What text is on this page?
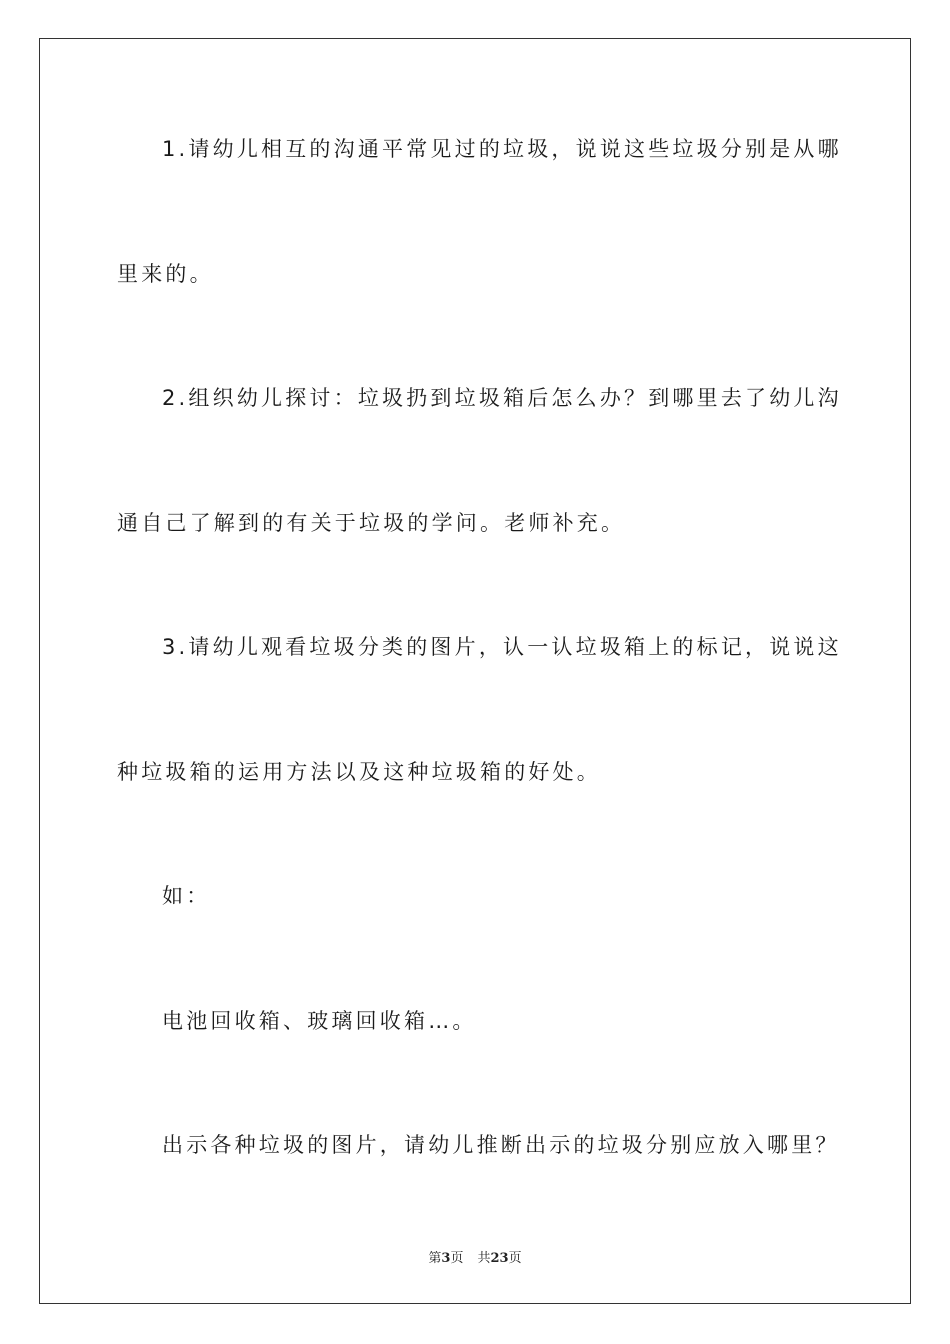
1.请幼儿相互的沟通平常见过的垃圾，说说这些垃圾分别是从哪
里来的。
2.组织幼儿探讨：垃圾扔到垃圾箱后怎么办？到哪里去了幼儿沟
通自己了解到的有关于垃圾的学问。老师补充。
3.请幼儿观看垃圾分类的图片，认一认垃圾箱上的标记，说说这
种垃圾箱的运用方法以及这种垃圾箱的好处。
如：
电池回收箱、玻璃回收箱…。
出示各种垃圾的图片，请幼儿推断出示的垃圾分别应放入哪里？
第3页 共23页
